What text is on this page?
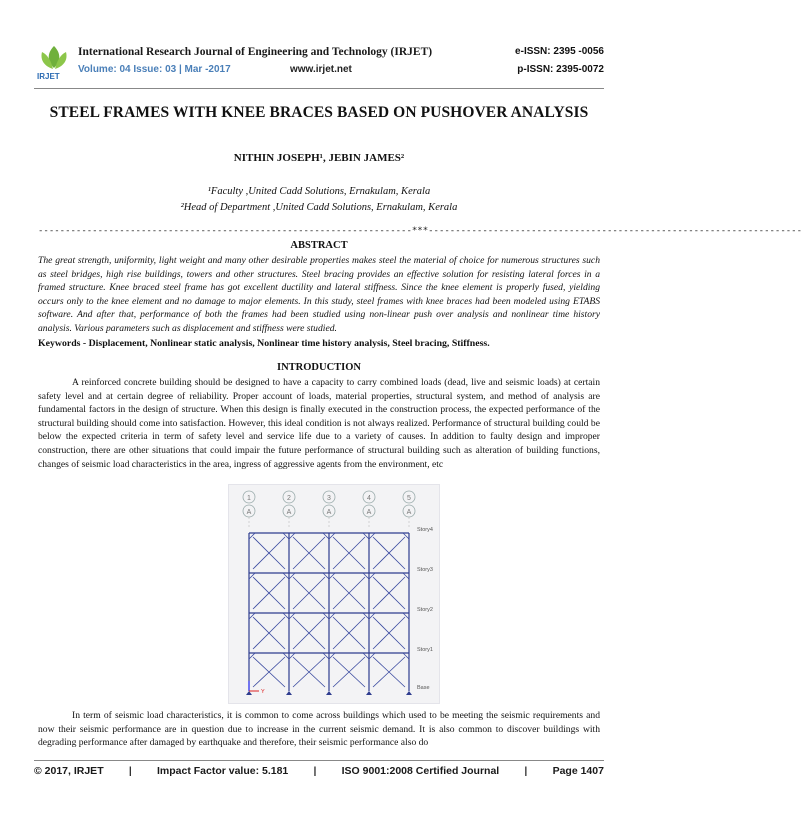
IRJET
International Research Journal of Engineering and Technology (IRJET)
Volume: 04 Issue: 03 | Mar -2017	www.irjet.net
e-ISSN: 2395 -0056
p-ISSN: 2395-0072
STEEL FRAMES WITH KNEE BRACES BASED ON PUSHOVER ANALYSIS
NITHIN JOSEPH¹, JEBIN JAMES²
¹Faculty ,United Cadd Solutions, Ernakulam, Kerala
²Head of Department ,United Cadd Solutions, Ernakulam, Kerala
---------------------------------------------------------------------***---------------------------------------------------------------------
ABSTRACT
The great strength, uniformity, light weight and many other desirable properties makes steel the material of choice for numerous structures such as steel bridges, high rise buildings, towers and other structures. Steel bracing provides an effective solution for resisting lateral forces in a framed structure. Knee braced steel frame has got excellent ductility and lateral stiffness. Since the knee element is properly fused, yielding occurs only to the knee element and no damage to major elements. In this study, steel frames with knee braces had been modeled using ETABS software. And after that, performance of both the frames had been studied using non-linear push over analysis and nonlinear time history analysis. Various parameters such as displacement and stiffness were studied.
Keywords - Displacement, Nonlinear static analysis, Nonlinear time history analysis, Steel bracing, Stiffness.
INTRODUCTION
A reinforced concrete building should be designed to have a capacity to carry combined loads (dead, live and seismic loads) at certain safety level and at certain degree of reliability. Proper account of loads, material properties, structural system, and method of analysis are fundamental factors in the design of structure. When this design is finally executed in the construction process, the expected performance of the structural building should come into satisfaction. However, this ideal condition is not always realized. Performance of structural building could be below the expected criteria in term of safety level and service life due to a variety of causes. In addition to faulty design and improper construction, there are other situations that could impair the future performance of structural building such as alteration of building functions, changes of seismic load characteristics in the area, ingress of aggressive agents from the environment, etc
1
A
2
A
3
A
4
A
5
A
Story4
Story3
Story2
Story1
Base
Y
In term of seismic load characteristics, it is common to come across buildings which used to be meeting the seismic requirements and now their seismic performance are in question due to increase in the current seismic demand. It is also common to discover buildings with degrading performance after damaged by earthquake and therefore, their seismic performance also do
© 2017, IRJET | Impact Factor value: 5.181 | ISO 9001:2008 Certified Journal | Page 1407
